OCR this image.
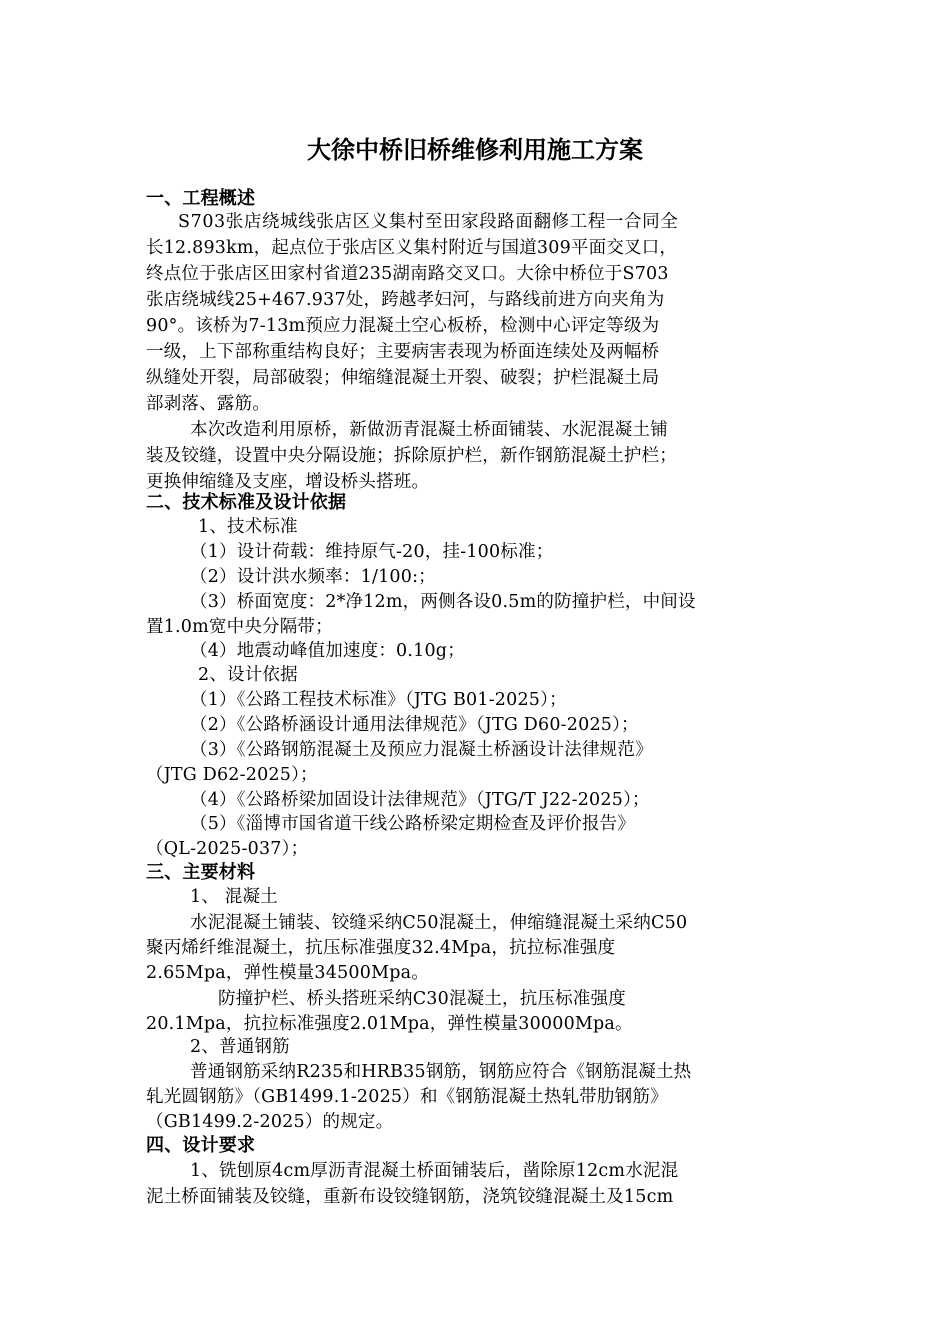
大徐中桥旧桥维修利用施工方案
一、工程概述
S703张店绕城线张店区义集村至田家段路面翻修工程一合同全
长12.893km，起点位于张店区义集村附近与国道309平面交叉口，
终点位于张店区田家村省道235湖南路交叉口。大徐中桥位于S703
张店绕城线25+467.937处，跨越孝妇河，与路线前进方向夹角为
90°。该桥为7-13m预应力混凝土空心板桥，检测中心评定等级为
一级，上下部称重结构良好；主要病害表现为桥面连续处及两幅桥
纵缝处开裂，局部破裂；伸缩缝混凝土开裂、破裂；护栏混凝土局
部剥落、露筋。
本次改造利用原桥，新做沥青混凝土桥面铺装、水泥混凝土铺
装及铰缝，设置中央分隔设施；拆除原护栏，新作钢筋混凝土护栏；
更换伸缩缝及支座，增设桥头搭班。
二、技术标准及设计依据
1、技术标准
（1）设计荷载：维持原气-20，挂-100标准；
（2）设计洪水频率：1/100:；
（3）桥面宽度：2*净12m，两侧各设0.5m的防撞护栏，中间设
置1.0m宽中央分隔带；
（4）地震动峰值加速度：0.10g；
2、设计依据
（1）《公路工程技术标准》（JTG B01-2025）；
（2）《公路桥涵设计通用法律规范》（JTG D60-2025）；
（3）《公路钢筋混凝土及预应力混凝土桥涵设计法律规范》
（JTG D62-2025）；
（4）《公路桥梁加固设计法律规范》（JTG/T J22-2025）；
（5）《淄博市国省道干线公路桥梁定期检查及评价报告》
（QL-2025-037）；
三、主要材料
1、 混凝土
水泥混凝土铺装、铰缝采纳C50混凝土，伸缩缝混凝土采纳C50
聚丙烯纤维混凝土，抗压标准强度32.4Mpa，抗拉标准强度
2.65Mpa，弹性模量34500Mpa。
防撞护栏、桥头搭班采纳C30混凝土，抗压标准强度
20.1Mpa，抗拉标准强度2.01Mpa，弹性模量30000Mpa。
2、普通钢筋
普通钢筋采纳R235和HRB35钢筋，钢筋应符合《钢筋混凝土热
轧光圆钢筋》（GB1499.1-2025）和《钢筋混凝土热轧带肋钢筋》
（GB1499.2-2025）的规定。
四、设计要求
1、铣刨原4cm厚沥青混凝土桥面铺装后，凿除原12cm水泥混
泥土桥面铺装及铰缝，重新布设铰缝钢筋，浇筑铰缝混凝土及15cm
